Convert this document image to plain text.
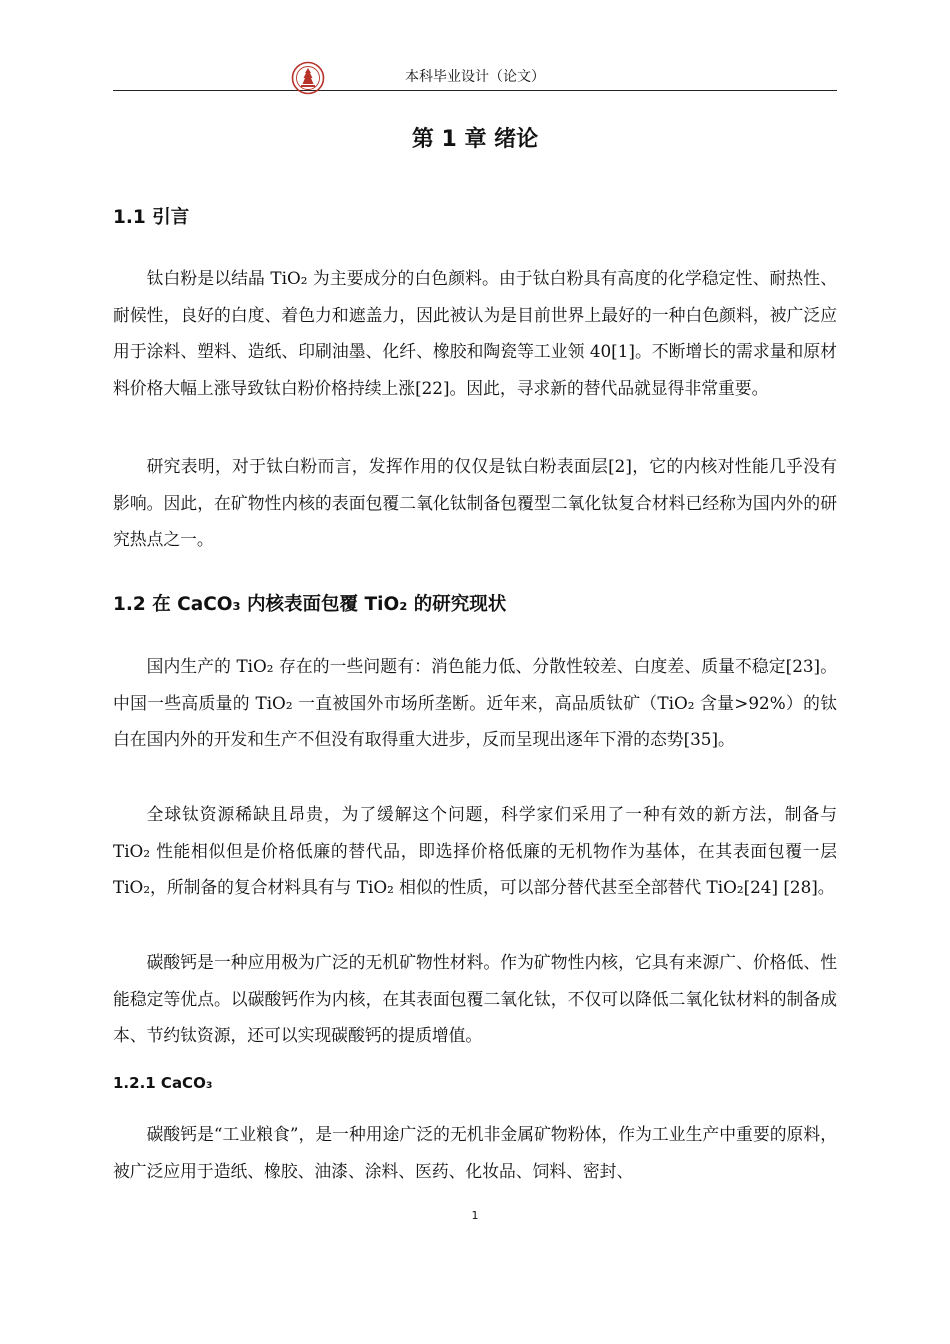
本科毕业设计（论文）
第 1 章 绪论
1.1 引言
钛白粉是以结晶 TiO₂ 为主要成分的白色颜料。由于钛白粉具有高度的化学稳定性、耐热性、耐候性，良好的白度、着色力和遮盖力，因此被认为是目前世界上最好的一种白色颜料，被广泛应用于涂料、塑料、造纸、印刷油墨、化纤、橡胶和陶瓷等工业领 40[1]。不断增长的需求量和原材料价格大幅上涨导致钛白粉价格持续上涨[22]。因此，寻求新的替代品就显得非常重要。
研究表明，对于钛白粉而言，发挥作用的仅仅是钛白粉表面层[2]，它的内核对性能几乎没有影响。因此，在矿物性内核的表面包覆二氧化钛制备包覆型二氧化钛复合材料已经称为国内外的研究热点之一。
1.2 在 CaCO₃ 内核表面包覆 TiO₂ 的研究现状
国内生产的 TiO₂ 存在的一些问题有：消色能力低、分散性较差、白度差、质量不稳定[23]。中国一些高质量的 TiO₂ 一直被国外市场所垄断。近年来，高品质钛矿（TiO₂ 含量>92%）的钛白在国内外的开发和生产不但没有取得重大进步，反而呈现出逐年下滑的态势[35]。
全球钛资源稀缺且昂贵，为了缓解这个问题，科学家们采用了一种有效的新方法，制备与 TiO₂ 性能相似但是价格低廉的替代品，即选择价格低廉的无机物作为基体，在其表面包覆一层 TiO₂，所制备的复合材料具有与 TiO₂ 相似的性质，可以部分替代甚至全部替代 TiO₂[24] [28]。
碳酸钙是一种应用极为广泛的无机矿物性材料。作为矿物性内核，它具有来源广、价格低、性能稳定等优点。以碳酸钙作为内核，在其表面包覆二氧化钛，不仅可以降低二氧化钛材料的制备成本、节约钛资源，还可以实现碳酸钙的提质增值。
1.2.1 CaCO₃
碳酸钙是“工业粮食”，是一种用途广泛的无机非金属矿物粉体，作为工业生产中重要的原料，被广泛应用于造纸、橡胶、油漆、涂料、医药、化妆品、饲料、密封、
1
